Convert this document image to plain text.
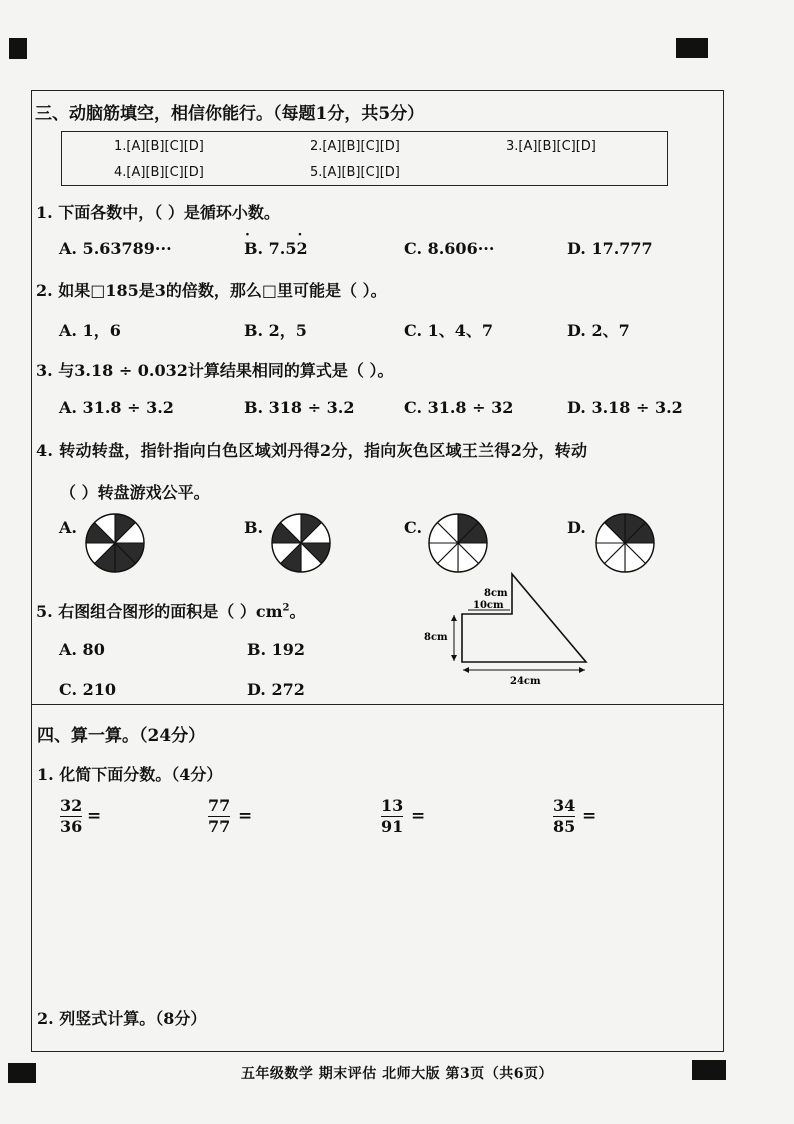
三、动脑筋填空，相信你能行。（每题1分，共5分）
1.[A][B][C][D]	2.[A][B][C][D]	3.[A][B][C][D]
4.[A][B][C][D]	5.[A][B][C][D]
1. 下面各数中，（ ）是循环小数。
A. 5.63789···
·	B. 7.5· 2	C. 8.606···	D. 17.777
2. 如果□185是3的倍数，那么□里可能是（ ）。
A. 1，6	B. 2，5	C. 1、4、7	D. 2、7
3. 与3.18 ÷ 0.032计算结果相同的算式是（ ）。
A. 31.8 ÷ 3.2	B. 318 ÷ 3.2	C. 31.8 ÷ 32	D. 3.18 ÷ 3.2
4. 转动转盘，指针指向白色区域刘丹得2分，指向灰色区域王兰得2分，转动
（ ）转盘游戏公平。
A.	B.	C.	D.
5. 右图组合图形的面积是（ ）$cm^2$。
A. 80	B. 192
C. 210	D. 272
8cm
10cm
8cm
24cm
四、算一算。（24分）
1. 化简下面分数。（4分）
32
36
=
77
77
=
13
91
=
34
85
=
2. 列竖式计算。（8分）
五年级数学 期末评估 北师大版 第3页（共6页）
